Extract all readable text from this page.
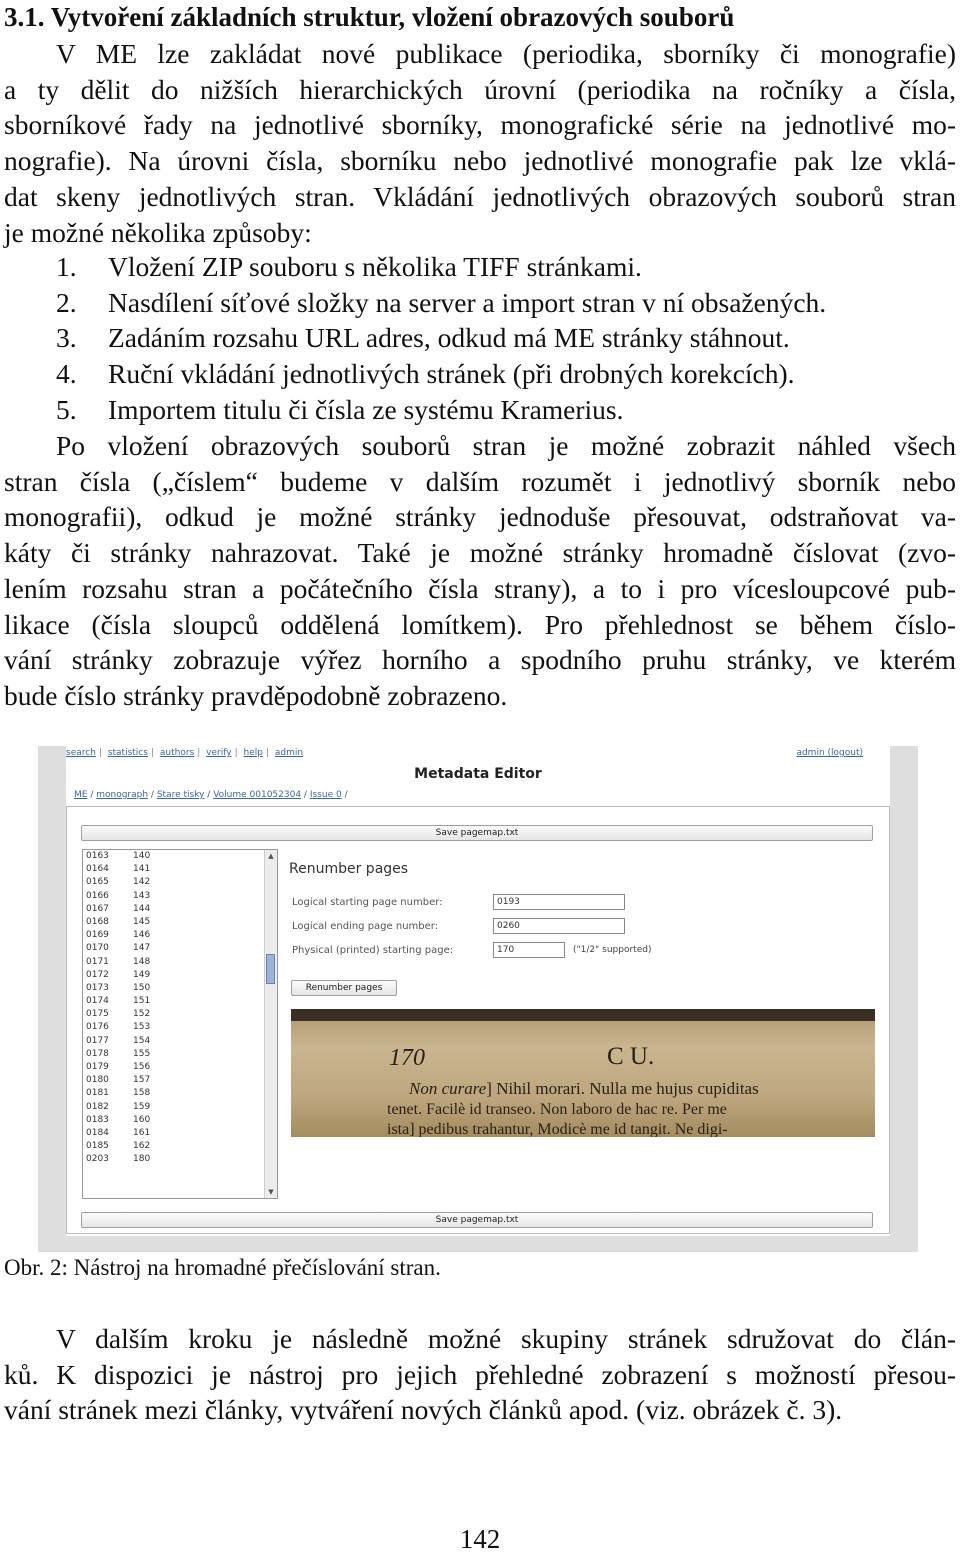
3.1. Vytvoření základních struktur, vložení obrazových souborů
V ME lze zakládat nové publikace (periodika, sborníky či monografie)
a ty dělit do nižších hierarchických úrovní (periodika na ročníky a čísla,
sborníkové řady na jednotlivé sborníky, monografické série na jednotlivé mo-
nografie). Na úrovni čísla, sborníku nebo jednotlivé monografie pak lze vklá-
dat skeny jednotlivých stran. Vkládání jednotlivých obrazových souborů stran
je možné několika způsoby:
1. Vložení ZIP souboru s několika TIFF stránkami.
2. Nasdílení síťové složky na server a import stran v ní obsažených.
3. Zadáním rozsahu URL adres, odkud má ME stránky stáhnout.
4. Ruční vkládání jednotlivých stránek (při drobných korekcích).
5. Importem titulu či čísla ze systému Kramerius.
Po vložení obrazových souborů stran je možné zobrazit náhled všech
stran čísla („číslem“ budeme v dalším rozumět i jednotlivý sborník nebo
monografii), odkud je možné stránky jednoduše přesouvat, odstraňovat va-
káty či stránky nahrazovat. Také je možné stránky hromadně číslovat (zvo-
lením rozsahu stran a počátečního čísla strany), a to i pro vícesloupcové pub-
likace (čísla sloupců oddělená lomítkem). Pro přehlednost se během číslo-
vání stránky zobrazuje výřez horního a spodního pruhu stránky, ve kterém
bude číslo stránky pravděpodobně zobrazeno.
search | statistics | authors | verify | help | admin	admin (logout)
Metadata Editor
ME / monograph / Stare tisky / Volume 001052304 / Issue 0 /
Save pagemap.txt
0163	140
0164	141
0165	142
0166	143
0167	144
0168	145
0169	146
0170	147
0171	148
0172	149
0173	150
0174	151
0175	152
0176	153
0177	154
0178	155
0179	156
0180	157
0181	158
0182	159
0183	160
0184	161
0185	162
0203	180
▲
▼
Renumber pages
Logical starting page number:	0193
Logical ending page number:	0260
Physical (printed) starting page:	170	("1/2" supported)
Renumber pages
170	C U.
Non curare] Nihil morari. Nulla me hujus cupiditas
tenet. Facilè id transeo. Non laboro de hac re. Per me
ista] pedibus trahantur, Modicè me id tangit. Ne digi-
Save pagemap.txt
Obr. 2: Nástroj na hromadné přečíslování stran.
V dalším kroku je následně možné skupiny stránek sdružovat do člán-
ků. K dispozici je nástroj pro jejich přehledné zobrazení s možností přesou-
vání stránek mezi články, vytváření nových článků apod. (viz. obrázek č. 3).
142
